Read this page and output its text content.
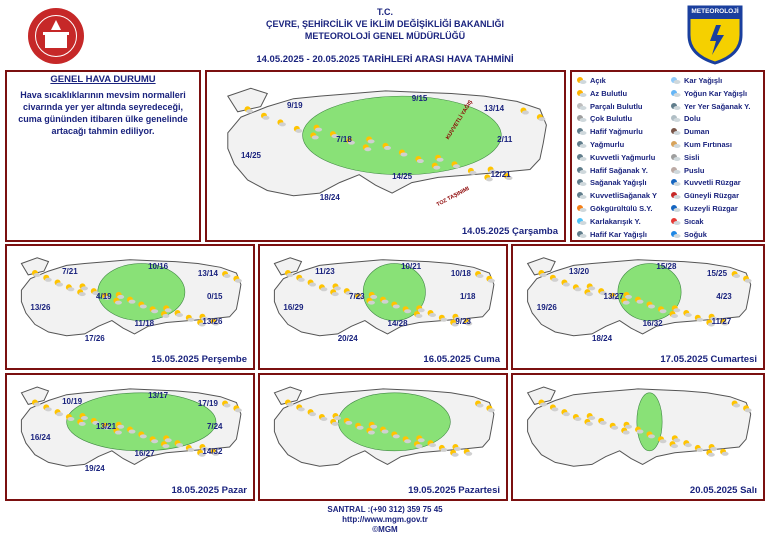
T.C.
ÇEVRE, ŞEHİRCİLİK VE İKLİM DEĞİŞİKLİĞİ BAKANLIĞI
METEOROLOJİ GENEL MÜDÜRLÜĞÜ
14.05.2025 - 20.05.2025 TARİHLERİ ARASI HAVA TAHMİNİ
METEOROLOJİ
GENEL HAVA DURUMU
Hava sıcaklıklarının mevsim normalleri civarında yer yer altında seyredeceği, cuma gününden itibaren ülke genelinde artacağı tahmin ediliyor.
9/19
9/15
13/14
7/18	2/11
14/25
12/21
14/25
18/24
14.05.2025 Çarşamba
KUVVETLİ YAĞIŞ
TOZ TAŞINIMI
7/21
10/16
13/14
4/19	0/15
13/26
13/26
11/18
17/26
15.05.2025 Perşembe
11/23
10/21
10/18
7/23	1/18
16/29
9/23
14/28
20/24
16.05.2025 Cuma
13/20
15/28
15/25
13/27	4/23
19/26
11/27
16/32
18/24
17.05.2025 Cumartesi
10/19
13/17
17/19
13/21	7/24
16/24
14/32
16/27
19/24
18.05.2025 Pazar	19.05.2025 Pazartesi	20.05.2025 Salı
Açık	Kar Yağışlı
Az Bulutlu	Yoğun Kar Yağışlı
Parçalı Bulutlu	Yer Yer Sağanak Y.
Çok Bulutlu	Dolu
Hafif Yağmurlu	Duman
Yağmurlu	Kum Fırtınası
Kuvvetli Yağmurlu	Sisli
Hafif Sağanak Y.	Puslu
Sağanak Yağışlı	Kuvvetli Rüzgar
KuvvetliSağanak Y	Güneyli Rüzgar
Gökgürültülü S.Y.	Kuzeyli Rüzgar
Karlakarışık Y.	Sıcak
Hafif Kar Yağışlı	Soğuk
SANTRAL :(+90 312) 359 75 45
http://www.mgm.gov.tr
©MGM
